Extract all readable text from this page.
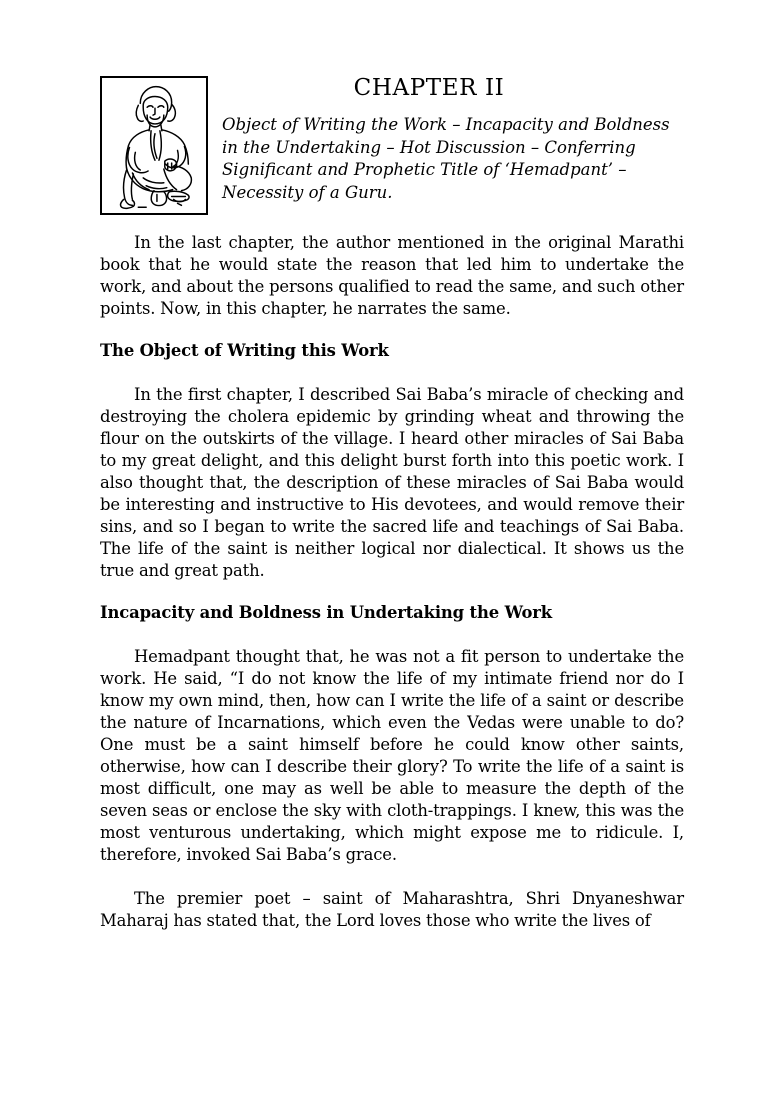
CHAPTER II

Object of Writing the Work – Incapacity and Boldness in the Undertaking – Hot Discussion – Conferring Significant and Prophetic Title of ‘Hemadpant’ – Necessity of a Guru.

In the last chapter, the author mentioned in the original Marathi book that he would state the reason that led him to undertake the work, and about the persons qualified to read the same, and such other points. Now, in this chapter, he narrates the same.

The Object of Writing this Work

In the first chapter, I described Sai Baba’s miracle of checking and destroying the cholera epidemic by grinding wheat and throwing the flour on the outskirts of the village. I heard other miracles of Sai Baba to my great delight, and this delight burst forth into this poetic work. I also thought that, the description of these miracles of Sai Baba would be interesting and instructive to His devotees, and would remove their sins, and so I began to write the sacred life and teachings of Sai Baba. The life of the saint is neither logical nor dialectical. It shows us the true and great path.

Incapacity and Boldness in Undertaking the Work

Hemadpant thought that, he was not a fit person to undertake the work. He said, “I do not know the life of my intimate friend nor do I know my own mind, then, how can I write the life of a saint or describe the nature of Incarnations, which even the Vedas were unable to do? One must be a saint himself before he could know other saints, otherwise, how can I describe their glory? To write the life of a saint is most difficult, one may as well be able to measure the depth of the seven seas or enclose the sky with cloth-trappings. I knew, this was the most venturous undertaking, which might expose me to ridicule. I, therefore, invoked Sai Baba’s grace.

The premier poet – saint of Maharashtra, Shri Dnyaneshwar Maharaj has stated that, the Lord loves those who write the lives of
